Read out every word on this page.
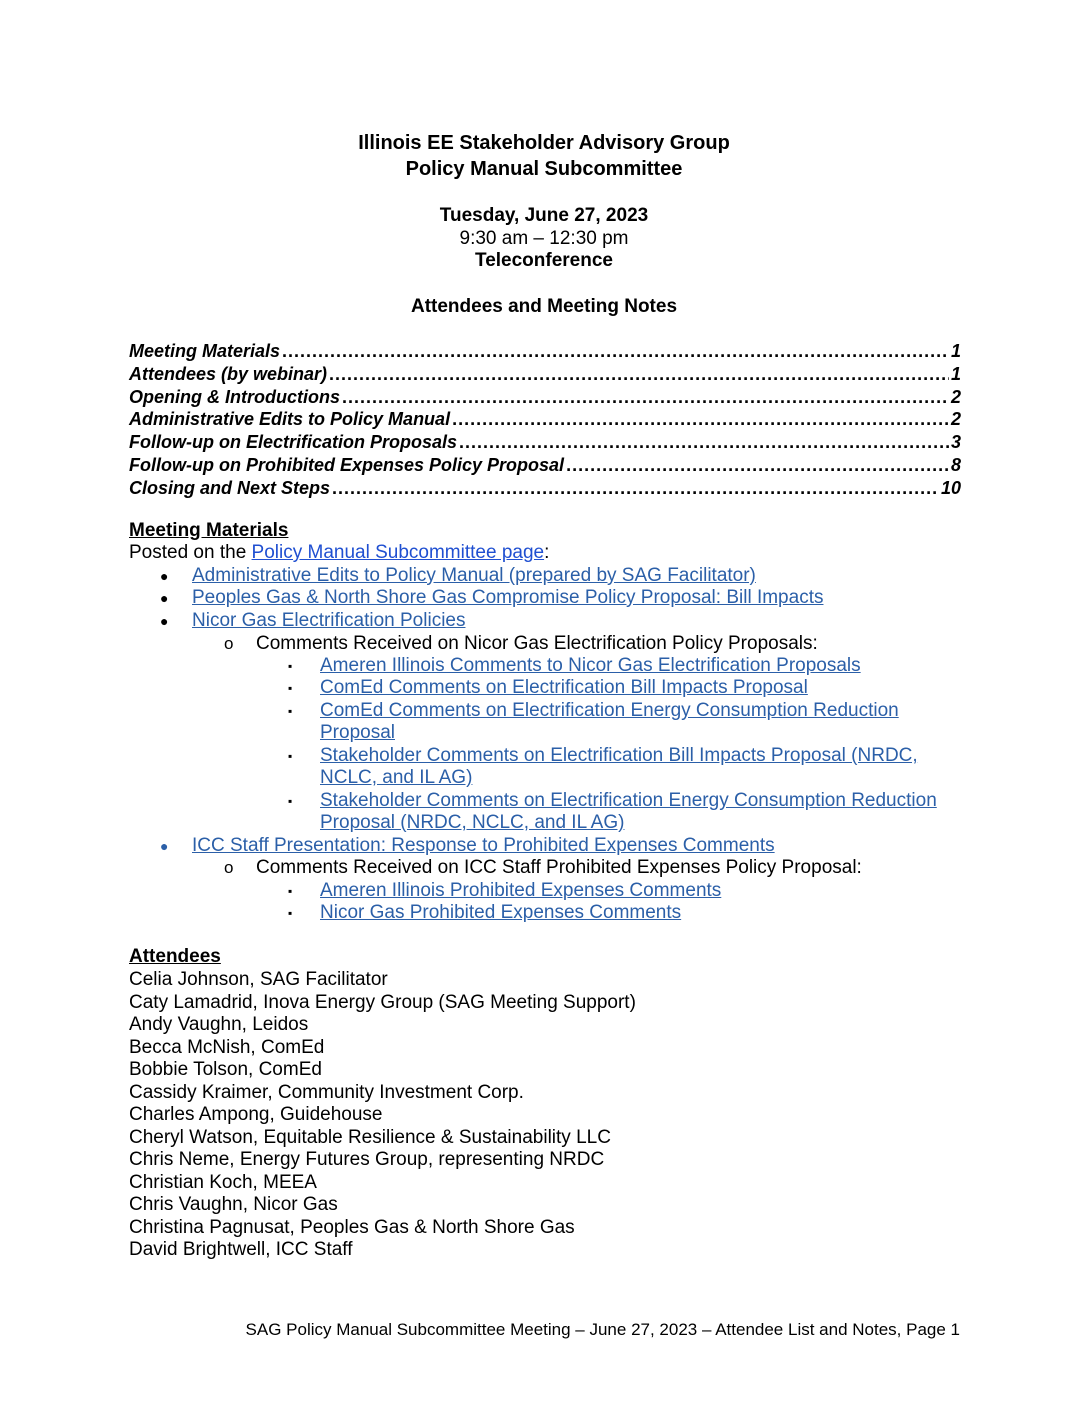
Illinois EE Stakeholder Advisory Group
Policy Manual Subcommittee
Tuesday, June 27, 2023
9:30 am – 12:30 pm
Teleconference
Attendees and Meeting Notes
Meeting Materials .....	1
Attendees (by webinar) .....	1
Opening & Introductions .....	2
Administrative Edits to Policy Manual .....	2
Follow-up on Electrification Proposals .....	3
Follow-up on Prohibited Expenses Policy Proposal .....	8
Closing and Next Steps .....	10
Meeting Materials
Posted on the Policy Manual Subcommittee page:
● Administrative Edits to Policy Manual (prepared by SAG Facilitator)
● Peoples Gas & North Shore Gas Compromise Policy Proposal: Bill Impacts
● Nicor Gas Electrification Policies
o Comments Received on Nicor Gas Electrification Policy Proposals:
▪ Ameren Illinois Comments to Nicor Gas Electrification Proposals
▪ ComEd Comments on Electrification Bill Impacts Proposal
▪ ComEd Comments on Electrification Energy Consumption Reduction
Proposal
▪ Stakeholder Comments on Electrification Bill Impacts Proposal (NRDC,
NCLC, and IL AG)
▪ Stakeholder Comments on Electrification Energy Consumption Reduction
Proposal (NRDC, NCLC, and IL AG)
● ICC Staff Presentation: Response to Prohibited Expenses Comments
o Comments Received on ICC Staff Prohibited Expenses Policy Proposal:
▪ Ameren Illinois Prohibited Expenses Comments
▪ Nicor Gas Prohibited Expenses Comments
Attendees
Celia Johnson, SAG Facilitator
Caty Lamadrid, Inova Energy Group (SAG Meeting Support)
Andy Vaughn, Leidos
Becca McNish, ComEd
Bobbie Tolson, ComEd
Cassidy Kraimer, Community Investment Corp.
Charles Ampong, Guidehouse
Cheryl Watson, Equitable Resilience & Sustainability LLC
Chris Neme, Energy Futures Group, representing NRDC
Christian Koch, MEEA
Chris Vaughn, Nicor Gas
Christina Pagnusat, Peoples Gas & North Shore Gas
David Brightwell, ICC Staff
SAG Policy Manual Subcommittee Meeting – June 27, 2023 – Attendee List and Notes, Page 1
